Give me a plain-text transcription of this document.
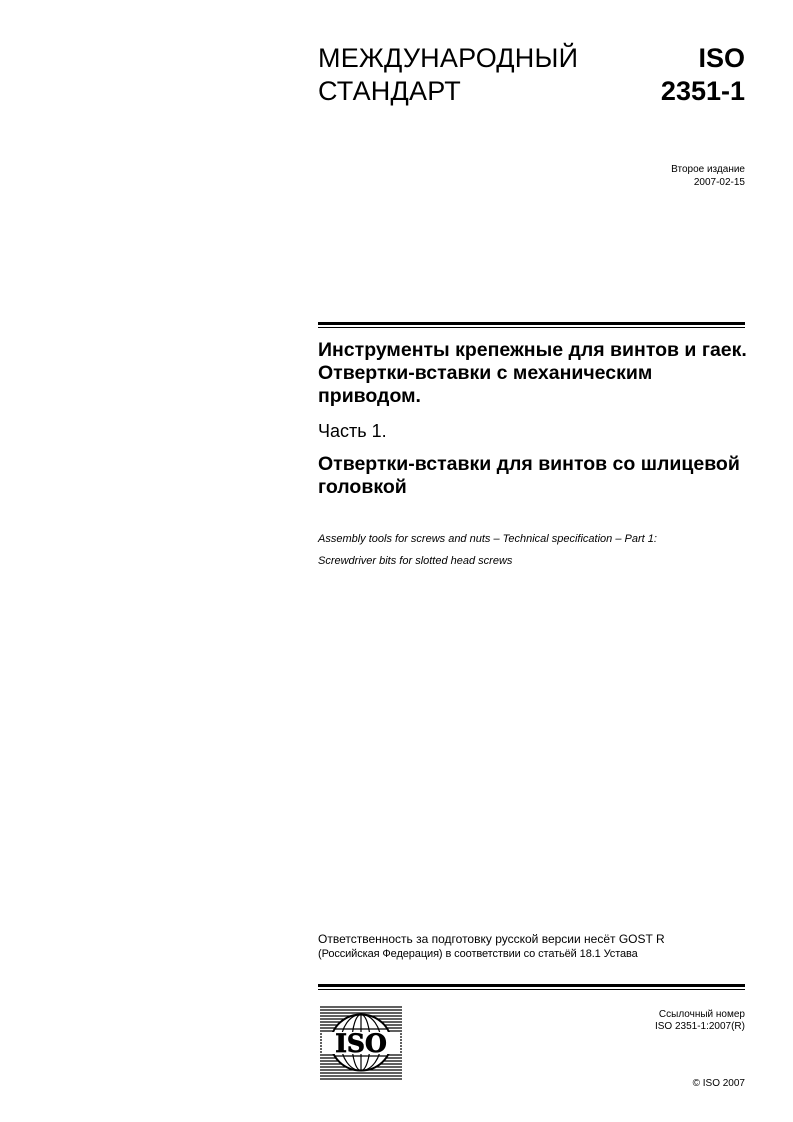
МЕЖДУНАРОДНЫЙ
СТАНДАРТ
ISO
2351-1
Второе издание
2007-02-15
Инструменты крепежные для винтов и гаек. Отвертки-вставки с механическим приводом.
Часть 1.
Отвертки-вставки для винтов со шлицевой головкой
Assembly tools for screws and nuts – Technical specification – Part 1:
Screwdriver bits for slotted head screws
Ответственность за подготовку русской версии несёт GOST R
(Российская Федерация) в соответствии со статьёй 18.1 Устава
ISO
Ссылочный номер
ISO 2351-1:2007(R)
© ISO 2007
